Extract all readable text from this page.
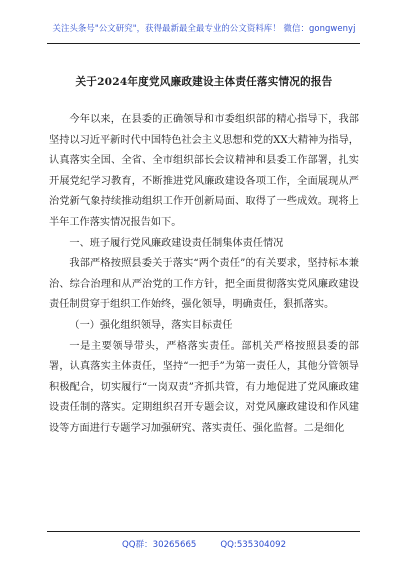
关注头条号"公文研究"，获得最新最全最专业的公文资料库！ 微信：gongwenyj
关于2024年度党风廉政建设主体责任落实情况的报告

今年以来，在县委的正确领导和市委组织部的精心指导下，我部坚持以习近平新时代中国特色社会主义思想和党的XX大精神为指导，认真落实全国、全省、全市组织部长会议精神和县委工作部署，扎实开展党纪学习教育，不断推进党风廉政建设各项工作，全面展现从严治党新气象持续推动组织工作开创新局面、取得了一些成效。现将上半年工作落实情况报告如下。

一、班子履行党风廉政建设责任制集体责任情况

我部严格按照县委关于落实“两个责任”的有关要求，坚持标本兼治、综合治理和从严治党的工作方针，把全面贯彻落实党风廉政建设责任制贯穿于组织工作始终，强化领导，明确责任，狠抓落实。

（一）强化组织领导，落实目标责任

一是主要领导带头，严格落实责任。部机关严格按照县委的部署，认真落实主体责任，坚持“一把手”为第一责任人，其他分管领导积极配合，切实履行“一岗双责”齐抓共管，有力地促进了党风廉政建设责任制的落实。定期组织召开专题会议，对党风廉政建设和作风建设等方面进行专题学习加强研究、落实责任、强化监督。二是细化

QQ群：30265665	QQ:535304092
